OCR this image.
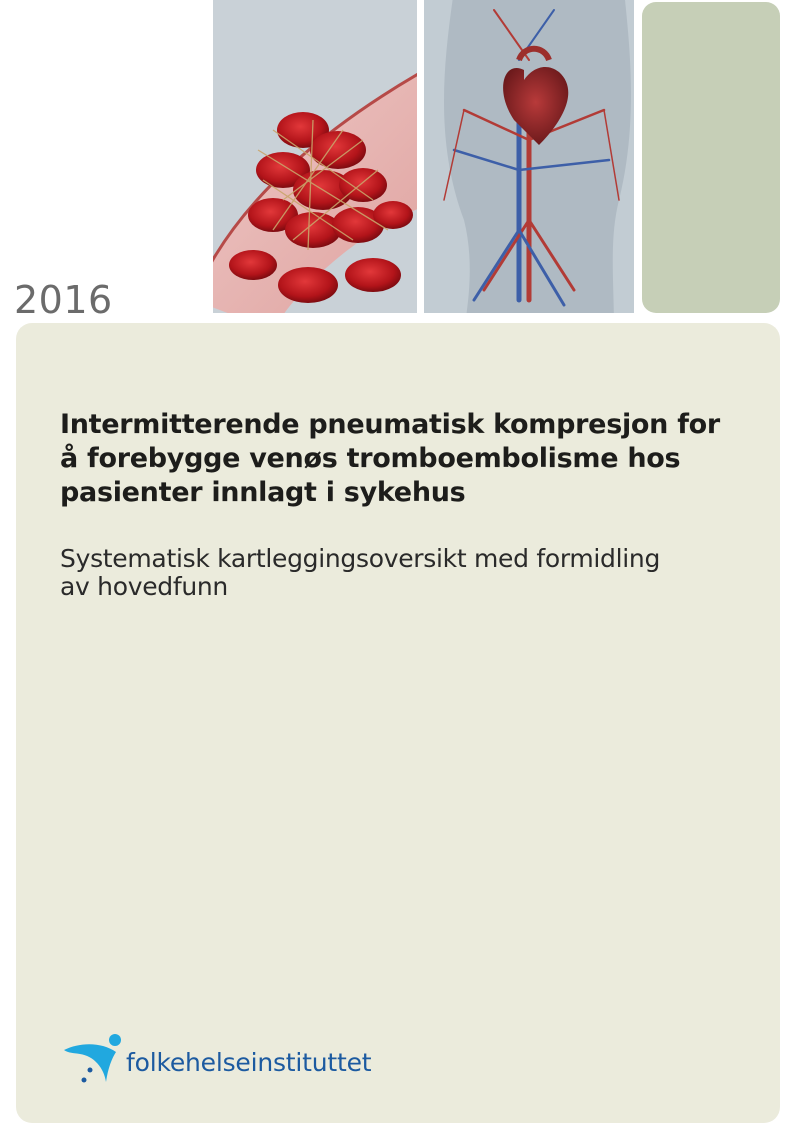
2016
Intermitterende pneumatisk kompresjon for
å forebygge venøs tromboembolisme hos
pasienter innlagt i sykehus

Systematisk kartleggingsoversikt med formidling
av hovedfunn

folkehelseinstituttet
